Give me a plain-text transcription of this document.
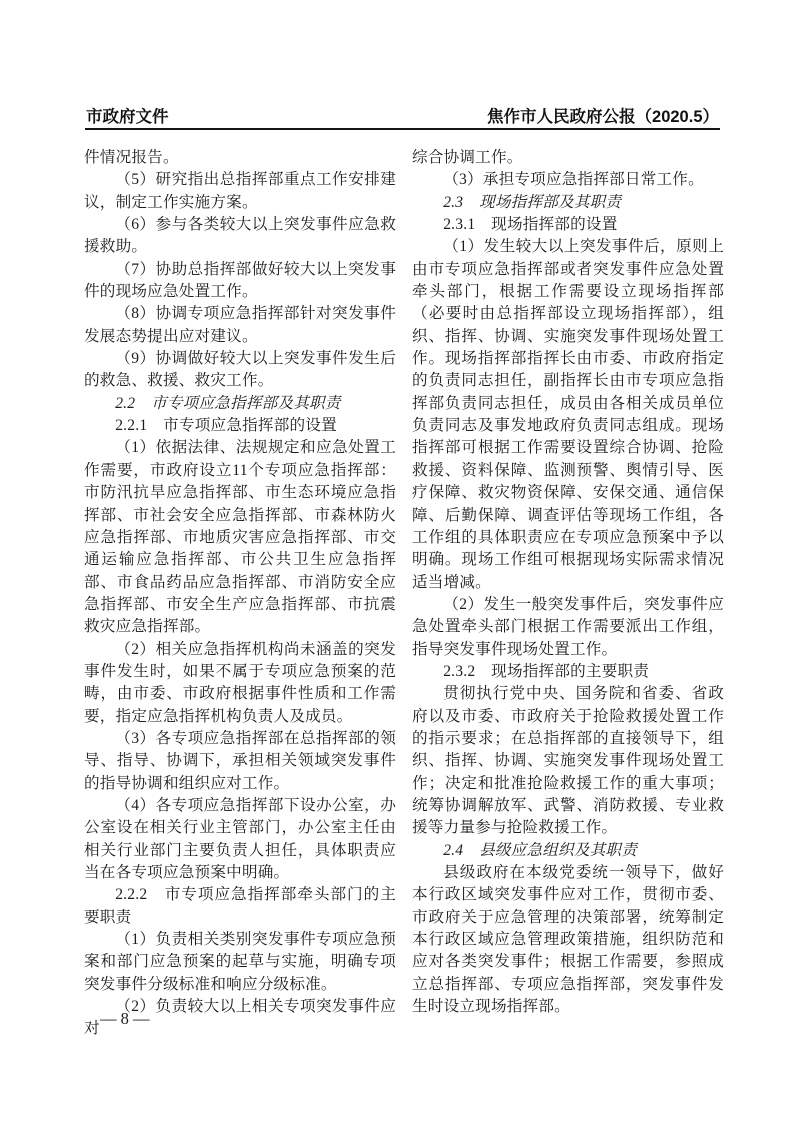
市政府文件	焦作市人民政府公报（2020.5）

件情况报告。

（5）研究指出总指挥部重点工作安排建议，制定工作实施方案。

（6）参与各类较大以上突发事件应急救援救助。

（7）协助总指挥部做好较大以上突发事件的现场应急处置工作。

（8）协调专项应急指挥部针对突发事件发展态势提出应对建议。

（9）协调做好较大以上突发事件发生后的救急、救援、救灾工作。

2.2　市专项应急指挥部及其职责

2.2.1　市专项应急指挥部的设置

（1）依据法律、法规规定和应急处置工作需要，市政府设立11个专项应急指挥部：市防汛抗旱应急指挥部、市生态环境应急指挥部、市社会安全应急指挥部、市森林防火应急指挥部、市地质灾害应急指挥部、市交通运输应急指挥部、市公共卫生应急指挥部、市食品药品应急指挥部、市消防安全应急指挥部、市安全生产应急指挥部、市抗震救灾应急指挥部。

（2）相关应急指挥机构尚未涵盖的突发事件发生时，如果不属于专项应急预案的范畴，由市委、市政府根据事件性质和工作需要，指定应急指挥机构负责人及成员。

（3）各专项应急指挥部在总指挥部的领导、指导、协调下，承担相关领域突发事件的指导协调和组织应对工作。

（4）各专项应急指挥部下设办公室，办公室设在相关行业主管部门，办公室主任由相关行业部门主要负责人担任，具体职责应当在各专项应急预案中明确。

2.2.2　市专项应急指挥部牵头部门的主要职责

（1）负责相关类别突发事件专项应急预案和部门应急预案的起草与实施，明确专项突发事件分级标准和响应分级标准。

（2）负责较大以上相关专项突发事件应对

综合协调工作。

（3）承担专项应急指挥部日常工作。

2.3　现场指挥部及其职责

2.3.1　现场指挥部的设置

（1）发生较大以上突发事件后，原则上由市专项应急指挥部或者突发事件应急处置牵头部门，根据工作需要设立现场指挥部（必要时由总指挥部设立现场指挥部），组织、指挥、协调、实施突发事件现场处置工作。现场指挥部指挥长由市委、市政府指定的负责同志担任，副指挥长由市专项应急指挥部负责同志担任，成员由各相关成员单位负责同志及事发地政府负责同志组成。现场指挥部可根据工作需要设置综合协调、抢险救援、资料保障、监测预警、舆情引导、医疗保障、救灾物资保障、安保交通、通信保障、后勤保障、调查评估等现场工作组，各工作组的具体职责应在专项应急预案中予以明确。现场工作组可根据现场实际需求情况适当增减。

（2）发生一般突发事件后，突发事件应急处置牵头部门根据工作需要派出工作组，指导突发事件现场处置工作。

2.3.2　现场指挥部的主要职责

贯彻执行党中央、国务院和省委、省政府以及市委、市政府关于抢险救援处置工作的指示要求；在总指挥部的直接领导下，组织、指挥、协调、实施突发事件现场处置工作；决定和批准抢险救援工作的重大事项；统筹协调解放军、武警、消防救援、专业救援等力量参与抢险救援工作。

2.4　县级应急组织及其职责

县级政府在本级党委统一领导下，做好本行政区域突发事件应对工作，贯彻市委、市政府关于应急管理的决策部署，统筹制定本行政区域应急管理政策措施，组织防范和应对各类突发事件；根据工作需要，参照成立总指挥部、专项应急指挥部，突发事件发生时设立现场指挥部。

— 8 —
